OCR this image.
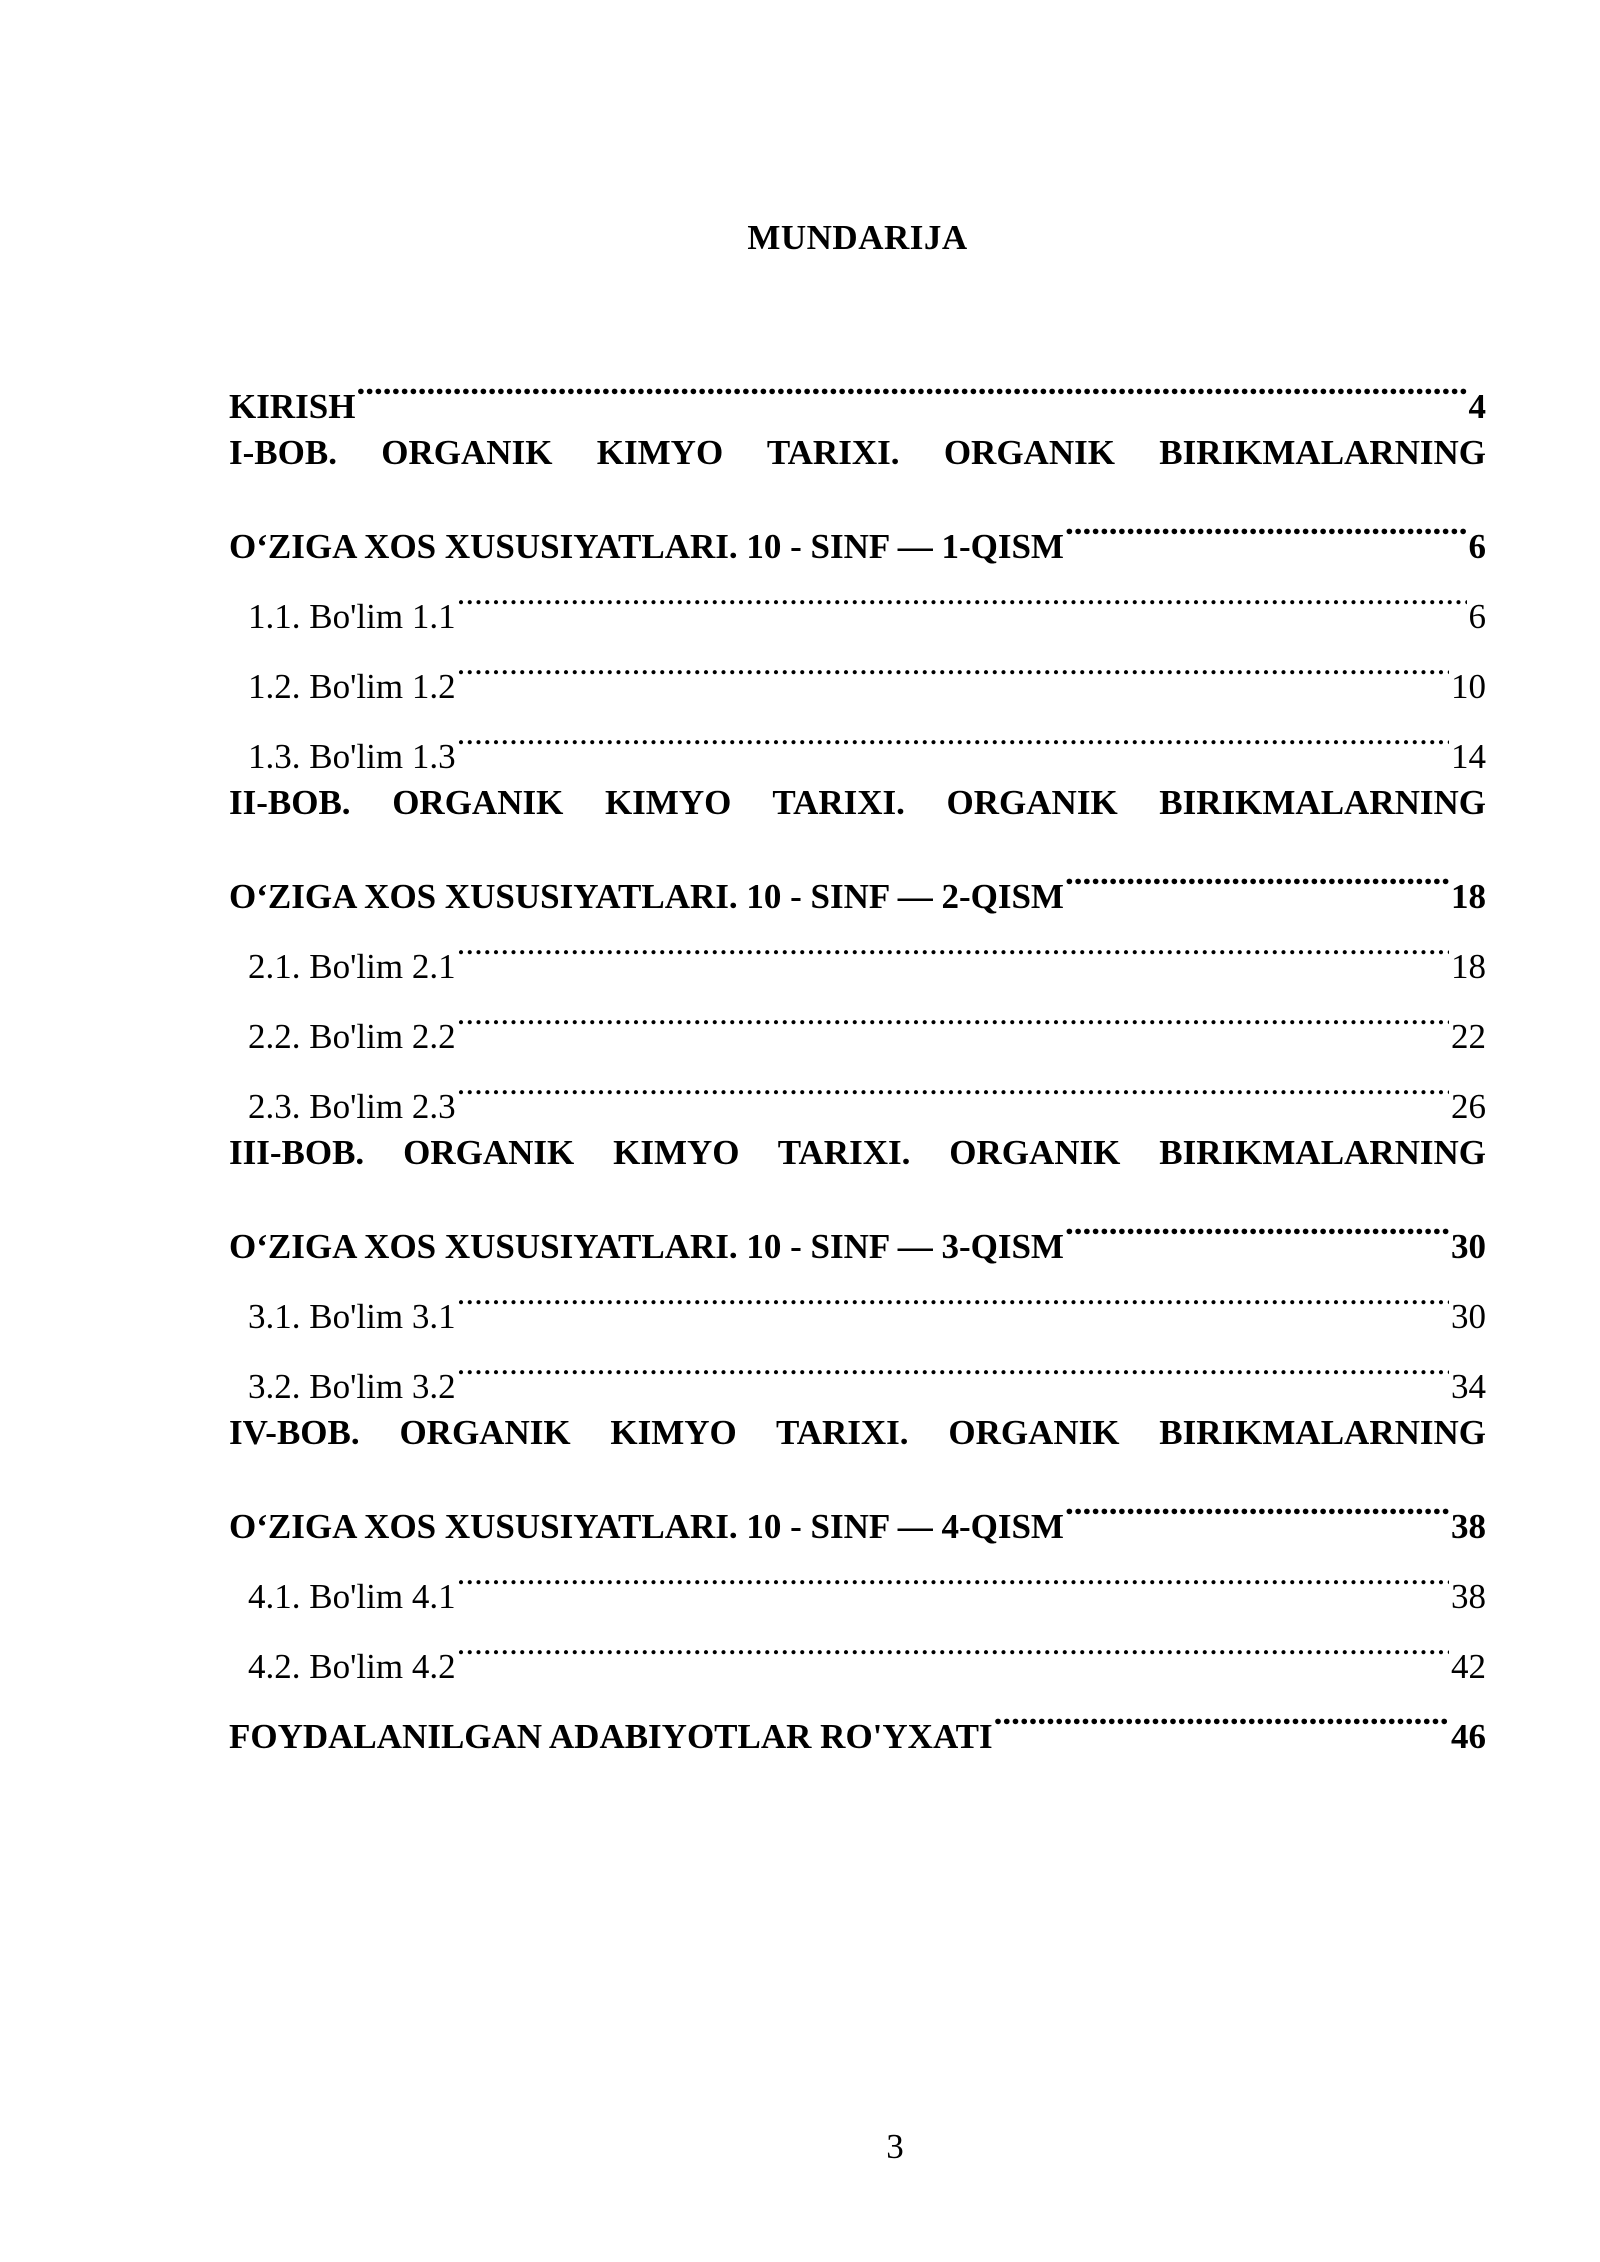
MUNDARIJA
KIRISH .....	4
I-BOB. ORGANIK KIMYO TARIXI. ORGANIK BIRIKMALARNING
O‘ZIGA XOS XUSUSIYATLARI. 10 - SINF — 1-QISM .....	6
1.1. Bo'lim 1.1 .....	6
1.2. Bo'lim 1.2 .....	10
1.3. Bo'lim 1.3 .....	14
II-BOB. ORGANIK KIMYO TARIXI. ORGANIK BIRIKMALARNING
O‘ZIGA XOS XUSUSIYATLARI. 10 - SINF — 2-QISM .....	18
2.1. Bo'lim 2.1 .....	18
2.2. Bo'lim 2.2 .....	22
2.3. Bo'lim 2.3 .....	26
III-BOB. ORGANIK KIMYO TARIXI. ORGANIK BIRIKMALARNING
O‘ZIGA XOS XUSUSIYATLARI. 10 - SINF — 3-QISM .....	30
3.1. Bo'lim 3.1 .....	30
3.2. Bo'lim 3.2 .....	34
IV-BOB. ORGANIK KIMYO TARIXI. ORGANIK BIRIKMALARNING
O‘ZIGA XOS XUSUSIYATLARI. 10 - SINF — 4-QISM .....	38
4.1. Bo'lim 4.1 .....	38
4.2. Bo'lim 4.2 .....	42
FOYDALANILGAN ADABIYOTLAR RO'YXATI .....	46
3
